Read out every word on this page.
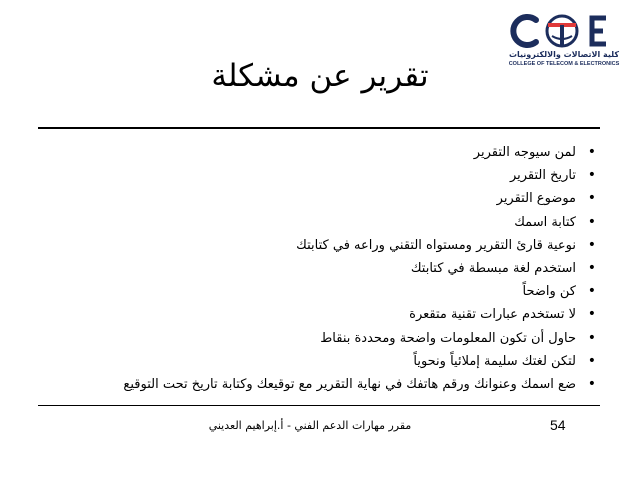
كلية الاتصالات والالكترونيات
COLLEGE OF TELECOM & ELECTRONICS
تقرير عن مشكلة
• لمن سيوجه التقرير
• تاريخ التقرير
• موضوع التقرير
• كتابة اسمك
• نوعية قارئ التقرير ومستواه التقني وراعه في كتابتك
• استخدم لغة مبسطة في كتابتك
• كن واضحاً
• لا تستخدم عبارات تقنية متقعرة
• حاول أن تكون المعلومات واضحة ومحددة بنقاط
• لتكن لغتك سليمة إملائياً ونحوياً
• ضع اسمك وعنوانك ورقم هاتفك في نهاية التقرير مع توقيعك وكتابة تاريخ تحت التوقيع
مقرر مهارات الدعم الفني - أ.إبراهيم العديني	54
